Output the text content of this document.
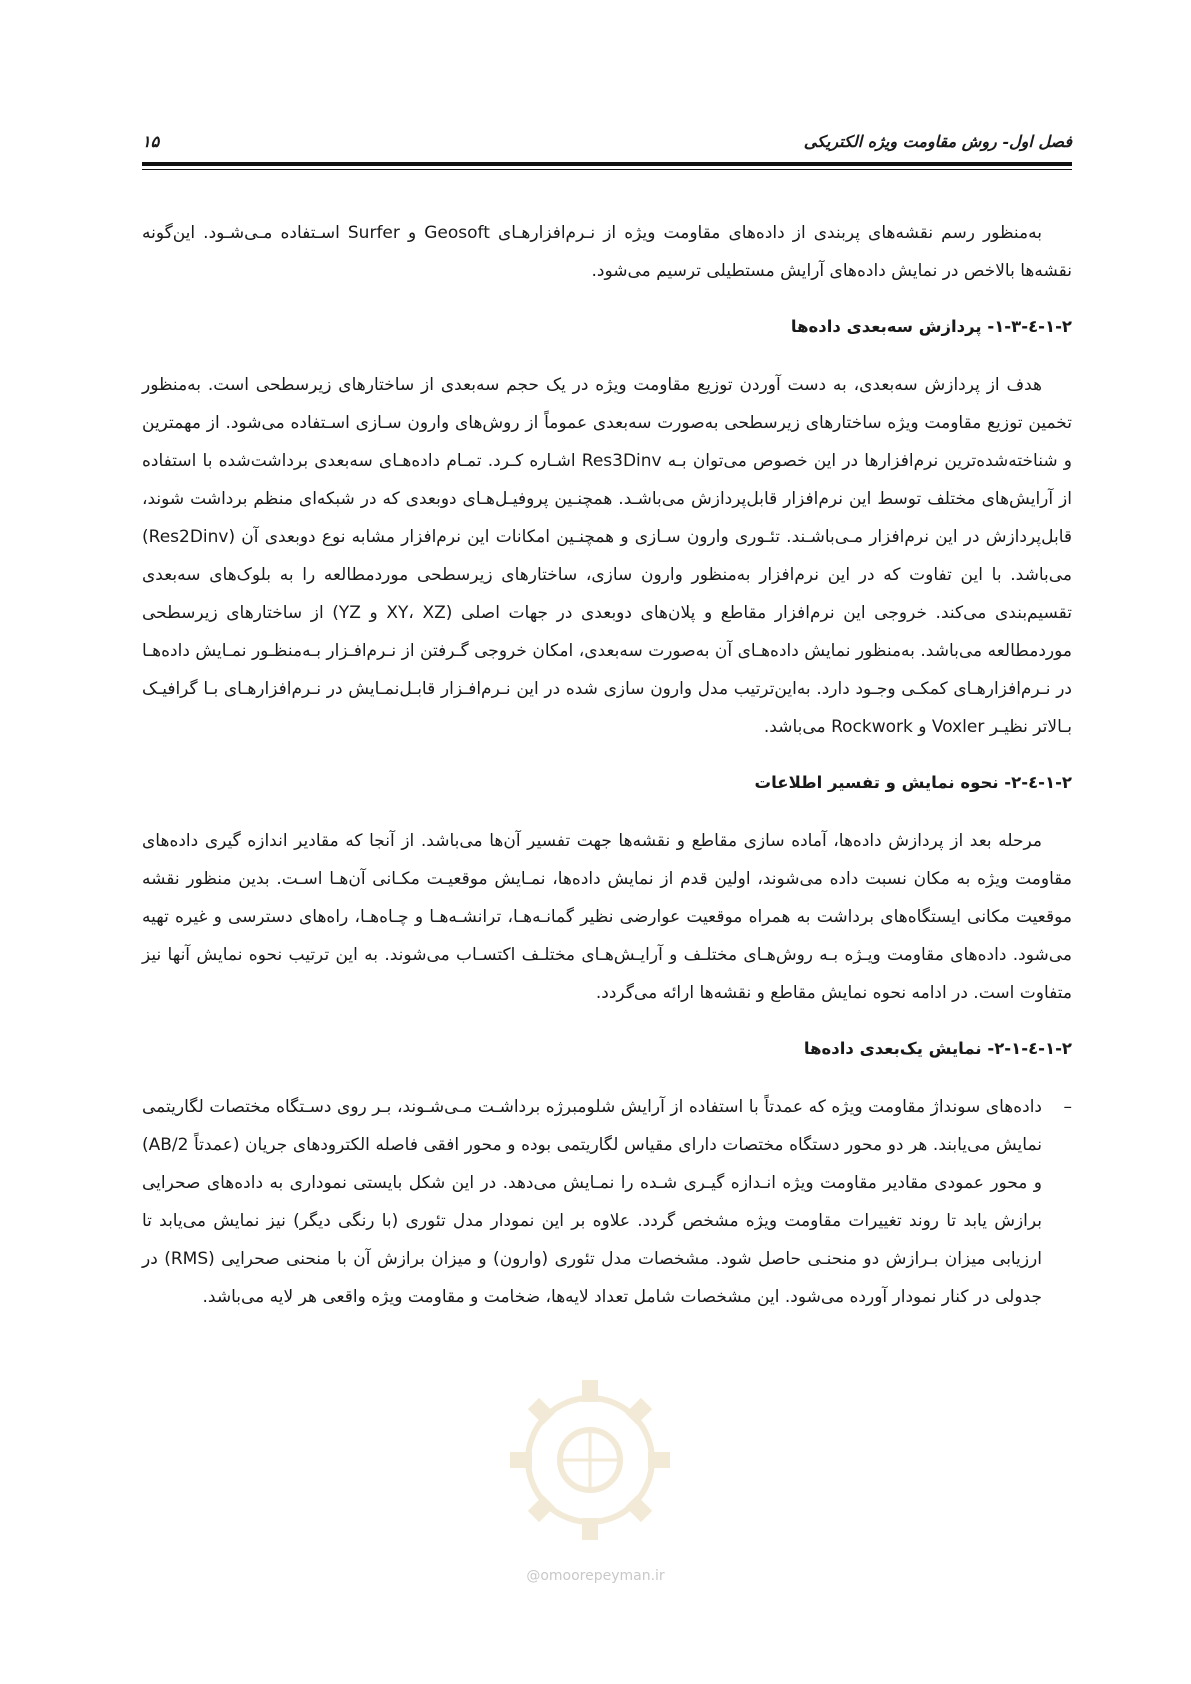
فصل اول- روش مقاومت ویژه الکتریکی
۱۵

به‌منظور رسم نقشه‌های پربندی از داده‌های مقاومت ویژه از نـرم‌افزارهـای Geosoft و Surfer اسـتفاده مـی‌شـود. این‌گونه نقشه‌ها بالاخص در نمایش داده‌های آرایش مستطیلی ترسیم می‌شود.

۱-۲-٤-۱-۳- پردازش سه‌بعدی داده‌ها

هدف از پردازش سه‌بعدی، به دست آوردن توزیع مقاومت ویژه در یک حجم سه‌بعدی از ساختارهای زیرسطحی است. به‌منظور تخمین توزیع مقاومت ویژه ساختارهای زیرسطحی به‌صورت سه‌بعدی عموماً از روش‌های وارون سـازی اسـتفاده می‌شود. از مهمترین و شناخته‌شده‌ترین نرم‌افزارها در این خصوص می‌توان بـه Res3Dinv اشـاره کـرد. تمـام داده‌هـای سه‌بعدی برداشت‌شده با استفاده از آرایش‌های مختلف توسط این نرم‌افزار قابل‌پردازش می‌باشـد. همچنـین پروفیـل‌هـای دوبعدی که در شبکه‌ای منظم برداشت شوند، قابل‌پردازش در این نرم‌افزار مـی‌باشـند. تئـوری وارون سـازی و همچنـین امکانات این نرم‌افزار مشابه نوع دوبعدی آن (Res2Dinv) می‌باشد. با این تفاوت که در این نرم‌افزار به‌منظور وارون سازی، ساختارهای زیرسطحی موردمطالعه را به بلوک‌های سه‌بعدی تقسیم‌بندی می‌کند. خروجی این نرم‌افزار مقاطع و پلان‌های دوبعدی در جهات اصلی (XY، XZ و YZ) از ساختارهای زیرسطحی موردمطالعه می‌باشد. به‌منظور نمایش داده‌هـای آن به‌صورت سه‌بعدی، امکان خروجی گـرفتن از نـرم‌افـزار بـه‌منظـور نمـایش داده‌هـا در نـرم‌افزارهـای کمکـی وجـود دارد. به‌این‌ترتیب مدل وارون سازی شده در این نـرم‌افـزار قابـل‌نمـایش در نـرم‌افزارهـای بـا گرافیـک بـالاتر نظیـر Voxler و Rockwork می‌باشد.

۱-۲-٤-۲- نحوه نمایش و تفسیر اطلاعات

مرحله بعد از پردازش داده‌ها، آماده سازی مقاطع و نقشه‌ها جهت تفسیر آن‌ها می‌باشد. از آنجا که مقادیر اندازه گیری داده‌های مقاومت ویژه به مکان نسبت داده می‌شوند، اولین قدم از نمایش داده‌ها، نمـایش موقعیـت مکـانی آن‌هـا اسـت. بدین منظور نقشه موقعیت مکانی ایستگاه‌های برداشت به همراه موقعیت عوارضی نظیر گمانـه‌هـا، ترانشـه‌هـا و چـاه‌هـا، راه‌های دسترسی و غیره تهیه می‌شود. داده‌های مقاومت ویـژه بـه روش‌هـای مختلـف و آرایـش‌هـای مختلـف اکتسـاب می‌شوند. به این ترتیب نحوه نمایش آنها نیز متفاوت است. در ادامه نحوه نمایش مقاطع و نقشه‌ها ارائه می‌گردد.

۱-۲-٤-۲-۱- نمایش یک‌بعدی داده‌ها

–
داده‌های سونداژ مقاومت ویژه که عمدتاً با استفاده از آرایش شلومبرژه برداشـت مـی‌شـوند، بـر روی دسـتگاه مختصات لگاریتمی نمایش می‌یابند. هر دو محور دستگاه مختصات دارای مقیاس لگاریتمی بوده و محور افقی فاصله الکترودهای جریان (عمدتاً AB/2) و محور عمودی مقادیر مقاومت ویژه انـدازه گیـری شـده را نمـایش می‌دهد. در این شکل بایستی نموداری به داده‌های صحرایی برازش یابد تا روند تغییرات مقاومت ویژه مشخص گردد. علاوه بر این نمودار مدل تئوری (با رنگی دیگر) نیز نمایش می‌یابد تا ارزیابی میزان بـرازش دو منحنـی حاصل شود. مشخصات مدل تئوری (وارون) و میزان برازش آن با منحنی صحرایی (RMS) در جدولی در کنار نمودار آورده می‌شود. این مشخصات شامل تعداد لایه‌ها، ضخامت و مقاومت ویژه واقعی هر لایه می‌باشد.

@omoorepeyman.ir
